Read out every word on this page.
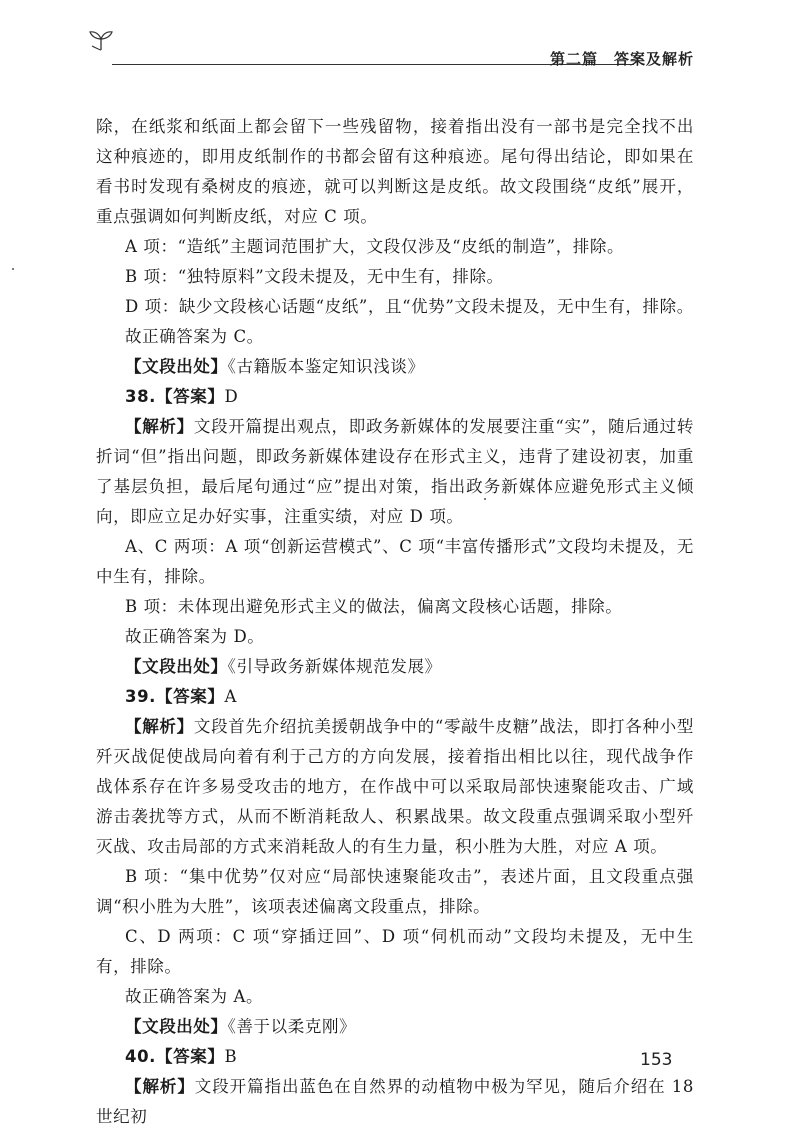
第二篇　答案及解析

除，在纸浆和纸面上都会留下一些残留物，接着指出没有一部书是完全找不出这种痕迹的，即用皮纸制作的书都会留有这种痕迹。尾句得出结论，即如果在看书时发现有桑树皮的痕迹，就可以判断这是皮纸。故文段围绕“皮纸”展开，重点强调如何判断皮纸，对应 C 项。

A 项：“造纸”主题词范围扩大，文段仅涉及“皮纸的制造”，排除。

B 项：“独特原料”文段未提及，无中生有，排除。

D 项：缺少文段核心话题“皮纸”，且“优势”文段未提及，无中生有，排除。

故正确答案为 C。

【文段出处】《古籍版本鉴定知识浅谈》

38.【答案】D

【解析】文段开篇提出观点，即政务新媒体的发展要注重“实”，随后通过转折词“但”指出问题，即政务新媒体建设存在形式主义，违背了建设初衷，加重了基层负担，最后尾句通过“应”提出对策，指出政务新媒体应避免形式主义倾向，即应立足办好实事，注重实绩，对应 D 项。

A、C 两项：A 项“创新运营模式”、C 项“丰富传播形式”文段均未提及，无中生有，排除。

B 项：未体现出避免形式主义的做法，偏离文段核心话题，排除。

故正确答案为 D。

【文段出处】《引导政务新媒体规范发展》

39.【答案】A

【解析】文段首先介绍抗美援朝战争中的“零敲牛皮糖”战法，即打各种小型歼灭战促使战局向着有利于己方的方向发展，接着指出相比以往，现代战争作战体系存在许多易受攻击的地方，在作战中可以采取局部快速聚能攻击、广域游击袭扰等方式，从而不断消耗敌人、积累战果。故文段重点强调采取小型歼灭战、攻击局部的方式来消耗敌人的有生力量，积小胜为大胜，对应 A 项。

B 项：“集中优势”仅对应“局部快速聚能攻击”，表述片面，且文段重点强调“积小胜为大胜”，该项表述偏离文段重点，排除。

C、D 两项：C 项“穿插迂回”、D 项“伺机而动”文段均未提及，无中生有，排除。

故正确答案为 A。

【文段出处】《善于以柔克刚》

40.【答案】B

【解析】文段开篇指出蓝色在自然界的动植物中极为罕见，随后介绍在 18 世纪初

153
